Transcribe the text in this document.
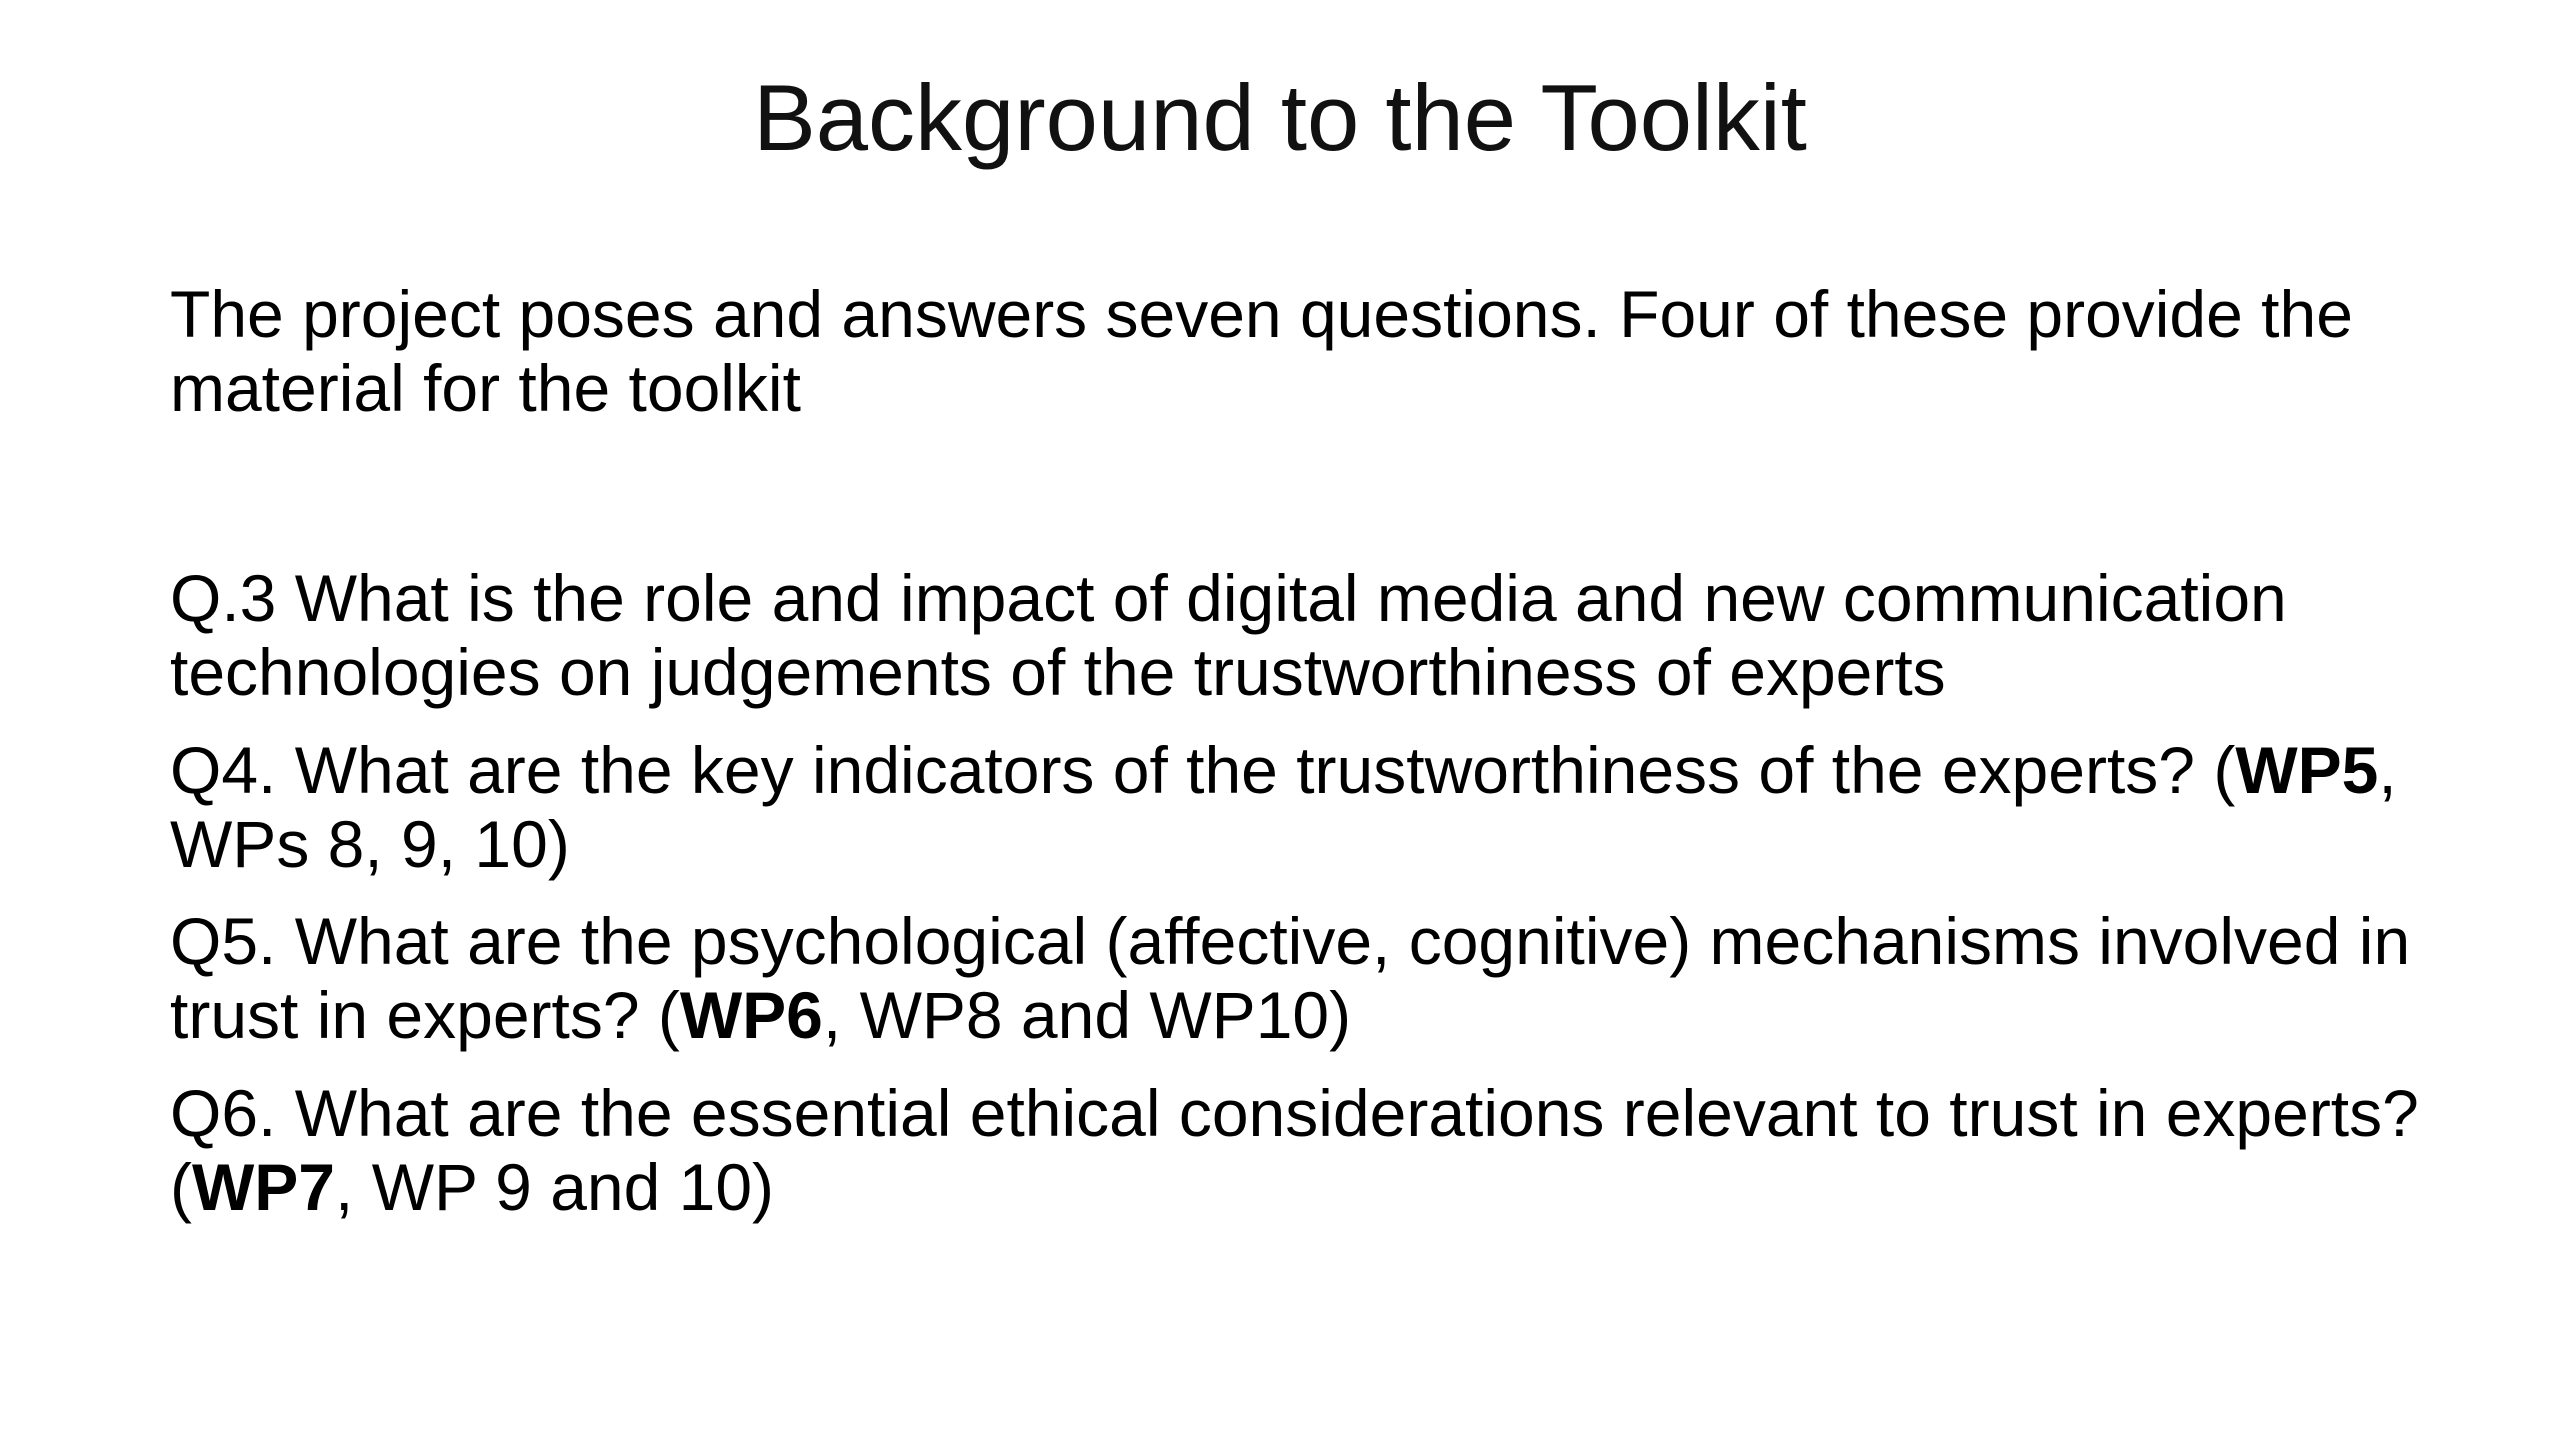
Background to the Toolkit

The project poses and answers seven questions. Four of these provide the material for the toolkit

Q.3 What is the role and impact of digital media and new communication technologies on judgements of the trustworthiness of experts

Q4. What are the key indicators of the trustworthiness of the experts? (WP5, WPs 8, 9, 10)

Q5. What are the psychological (affective, cognitive) mechanisms involved in trust in experts? (WP6, WP8 and WP10)

Q6. What are the essential ethical considerations relevant to trust in experts? (WP7, WP 9 and 10)
